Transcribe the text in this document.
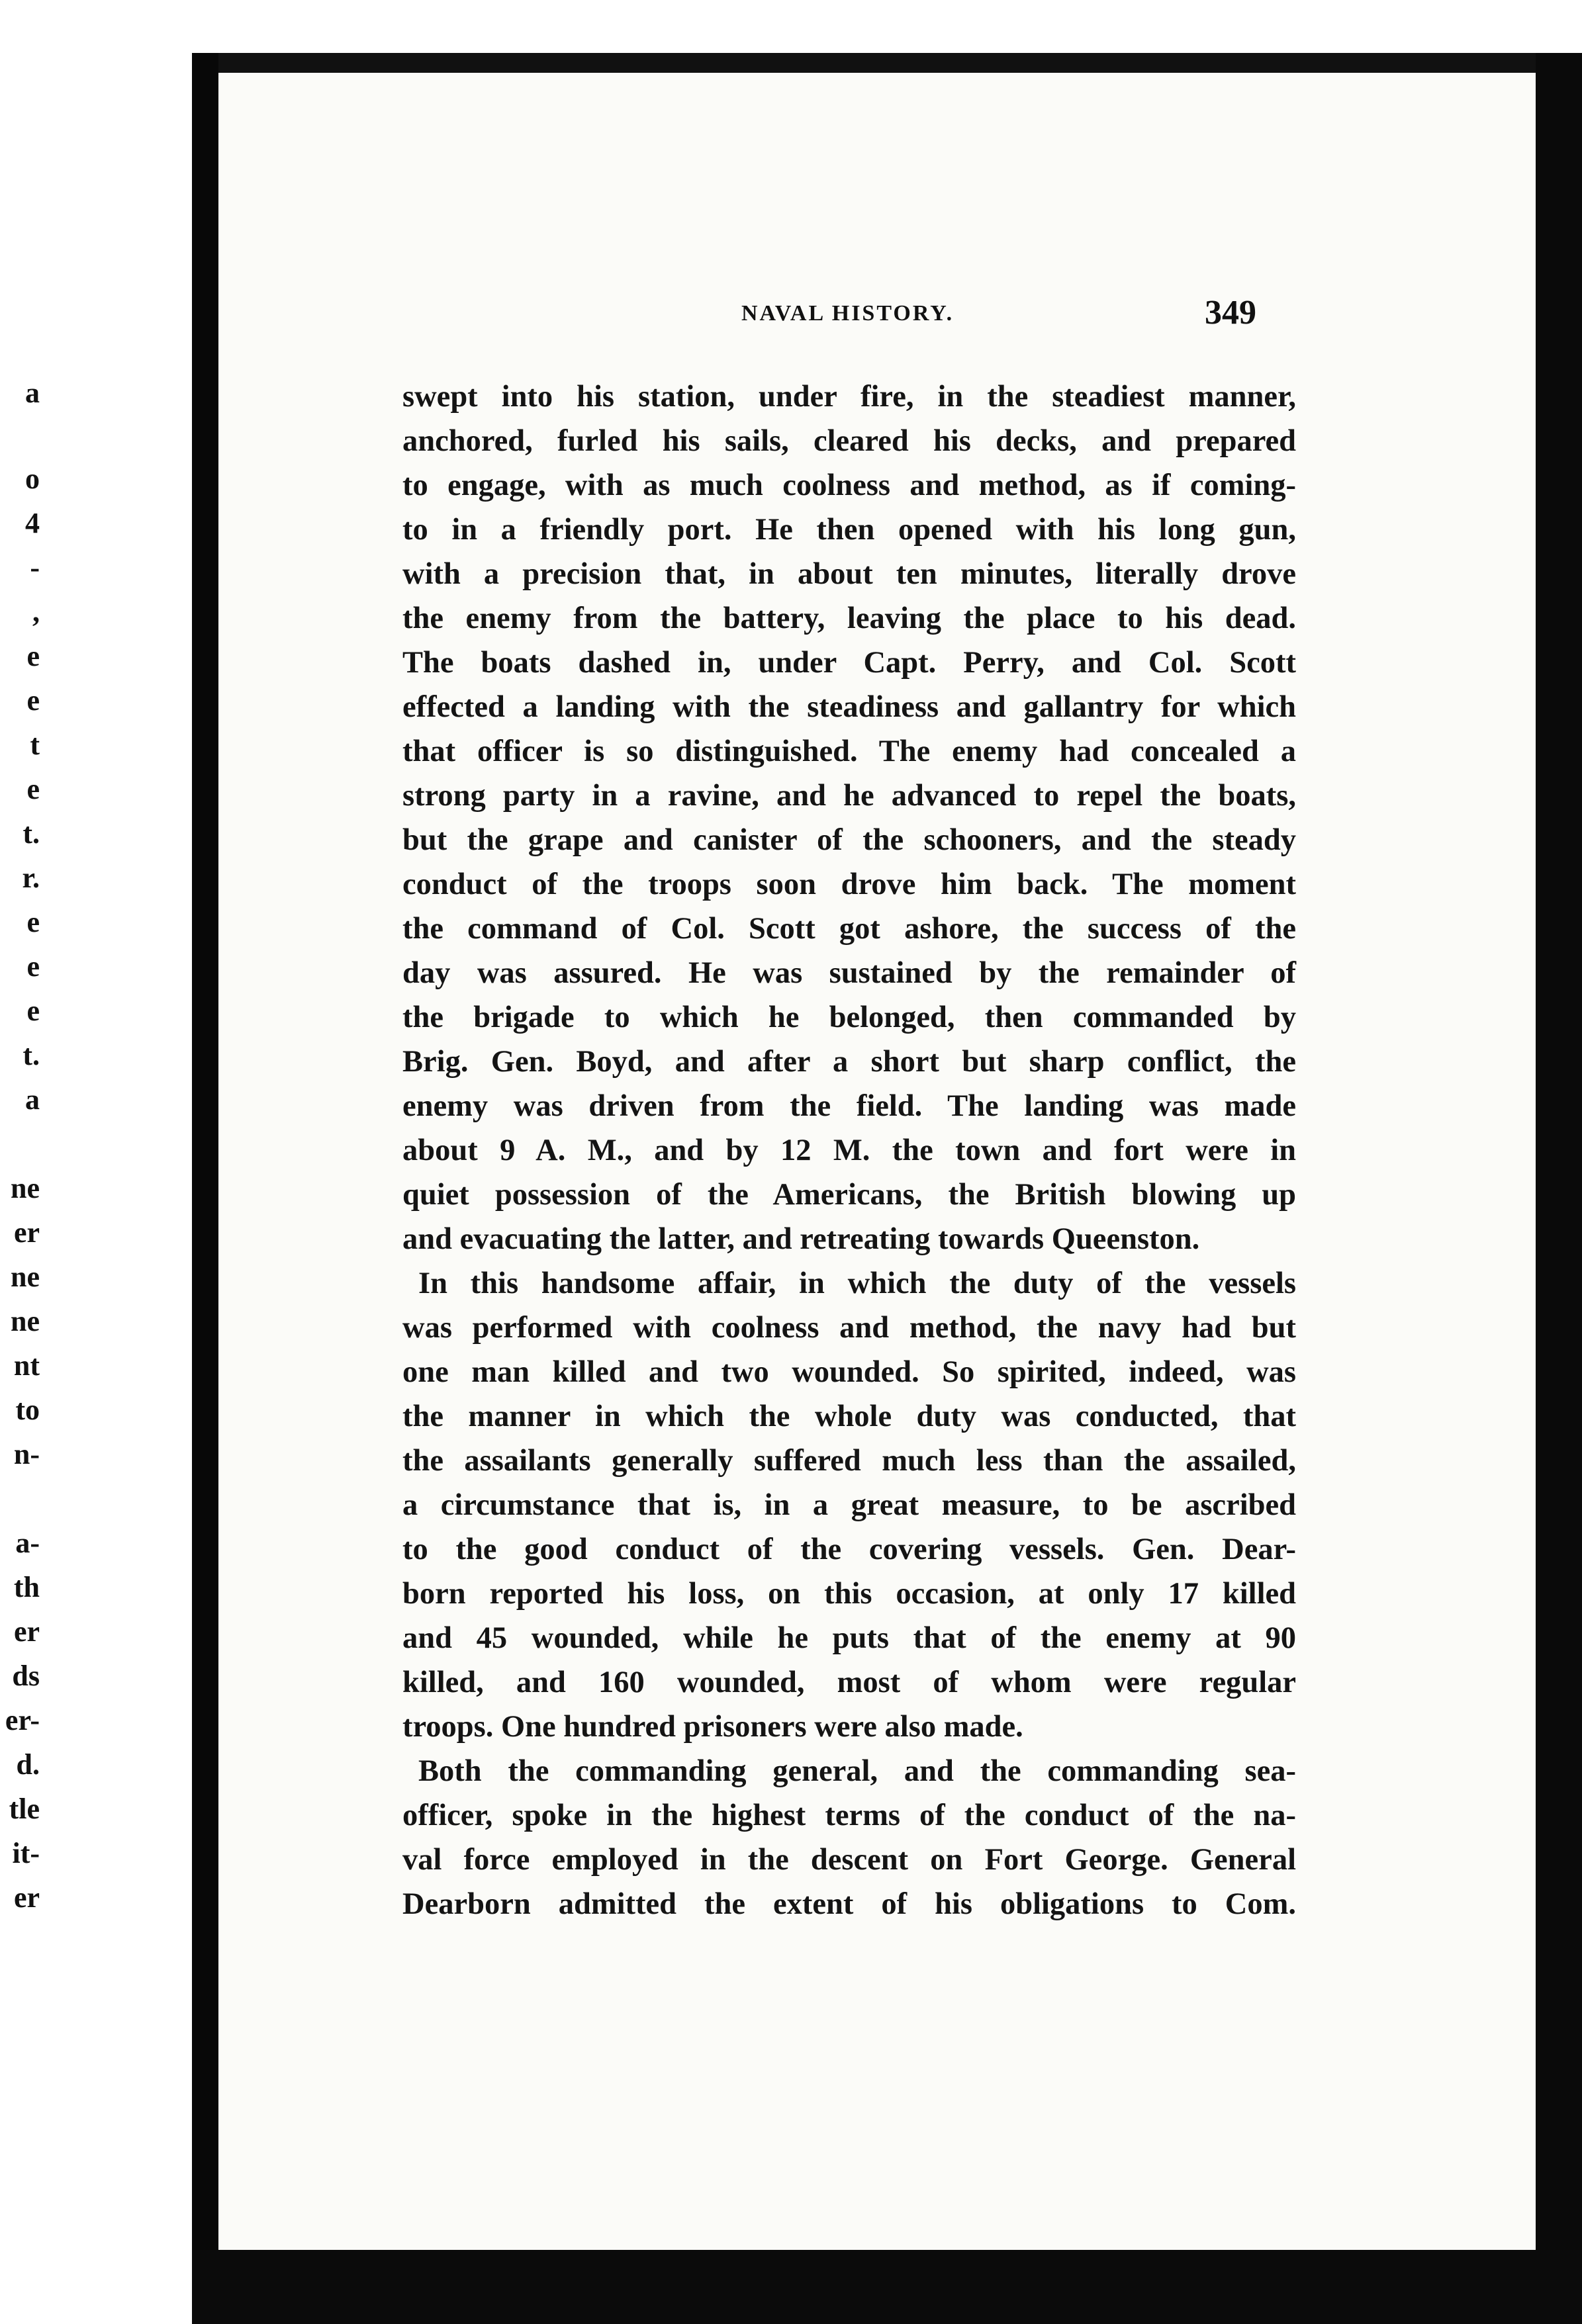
a
o
4
-
,
e
e
t
e
t.
r.
e
e
e
t.
a
ne
er
ne
ne
nt
to
n-
a-
th
er
ds
er-
d.
tle
it-
er
NAVAL HISTORY.	349
swept into his station, under fire, in the steadiest manner,
anchored, furled his sails, cleared his decks, and prepared
to engage, with as much coolness and method, as if coming-
to in a friendly port. He then opened with his long gun,
with a precision that, in about ten minutes, literally drove
the enemy from the battery, leaving the place to his dead.
The boats dashed in, under Capt. Perry, and Col. Scott
effected a landing with the steadiness and gallantry for which
that officer is so distinguished. The enemy had concealed a
strong party in a ravine, and he advanced to repel the boats,
but the grape and canister of the schooners, and the steady
conduct of the troops soon drove him back. The moment
the command of Col. Scott got ashore, the success of the
day was assured. He was sustained by the remainder of
the brigade to which he belonged, then commanded by
Brig. Gen. Boyd, and after a short but sharp conflict, the
enemy was driven from the field. The landing was made
about 9 A. M., and by 12 M. the town and fort were in
quiet possession of the Americans, the British blowing up
and evacuating the latter, and retreating towards Queenston.
In this handsome affair, in which the duty of the vessels
was performed with coolness and method, the navy had but
one man killed and two wounded. So spirited, indeed, was
the manner in which the whole duty was conducted, that
the assailants generally suffered much less than the assailed,
a circumstance that is, in a great measure, to be ascribed
to the good conduct of the covering vessels. Gen. Dear-
born reported his loss, on this occasion, at only 17 killed
and 45 wounded, while he puts that of the enemy at 90
killed, and 160 wounded, most of whom were regular
troops. One hundred prisoners were also made.
Both the commanding general, and the commanding sea-
officer, spoke in the highest terms of the conduct of the na-
val force employed in the descent on Fort George. General
Dearborn admitted the extent of his obligations to Com.
